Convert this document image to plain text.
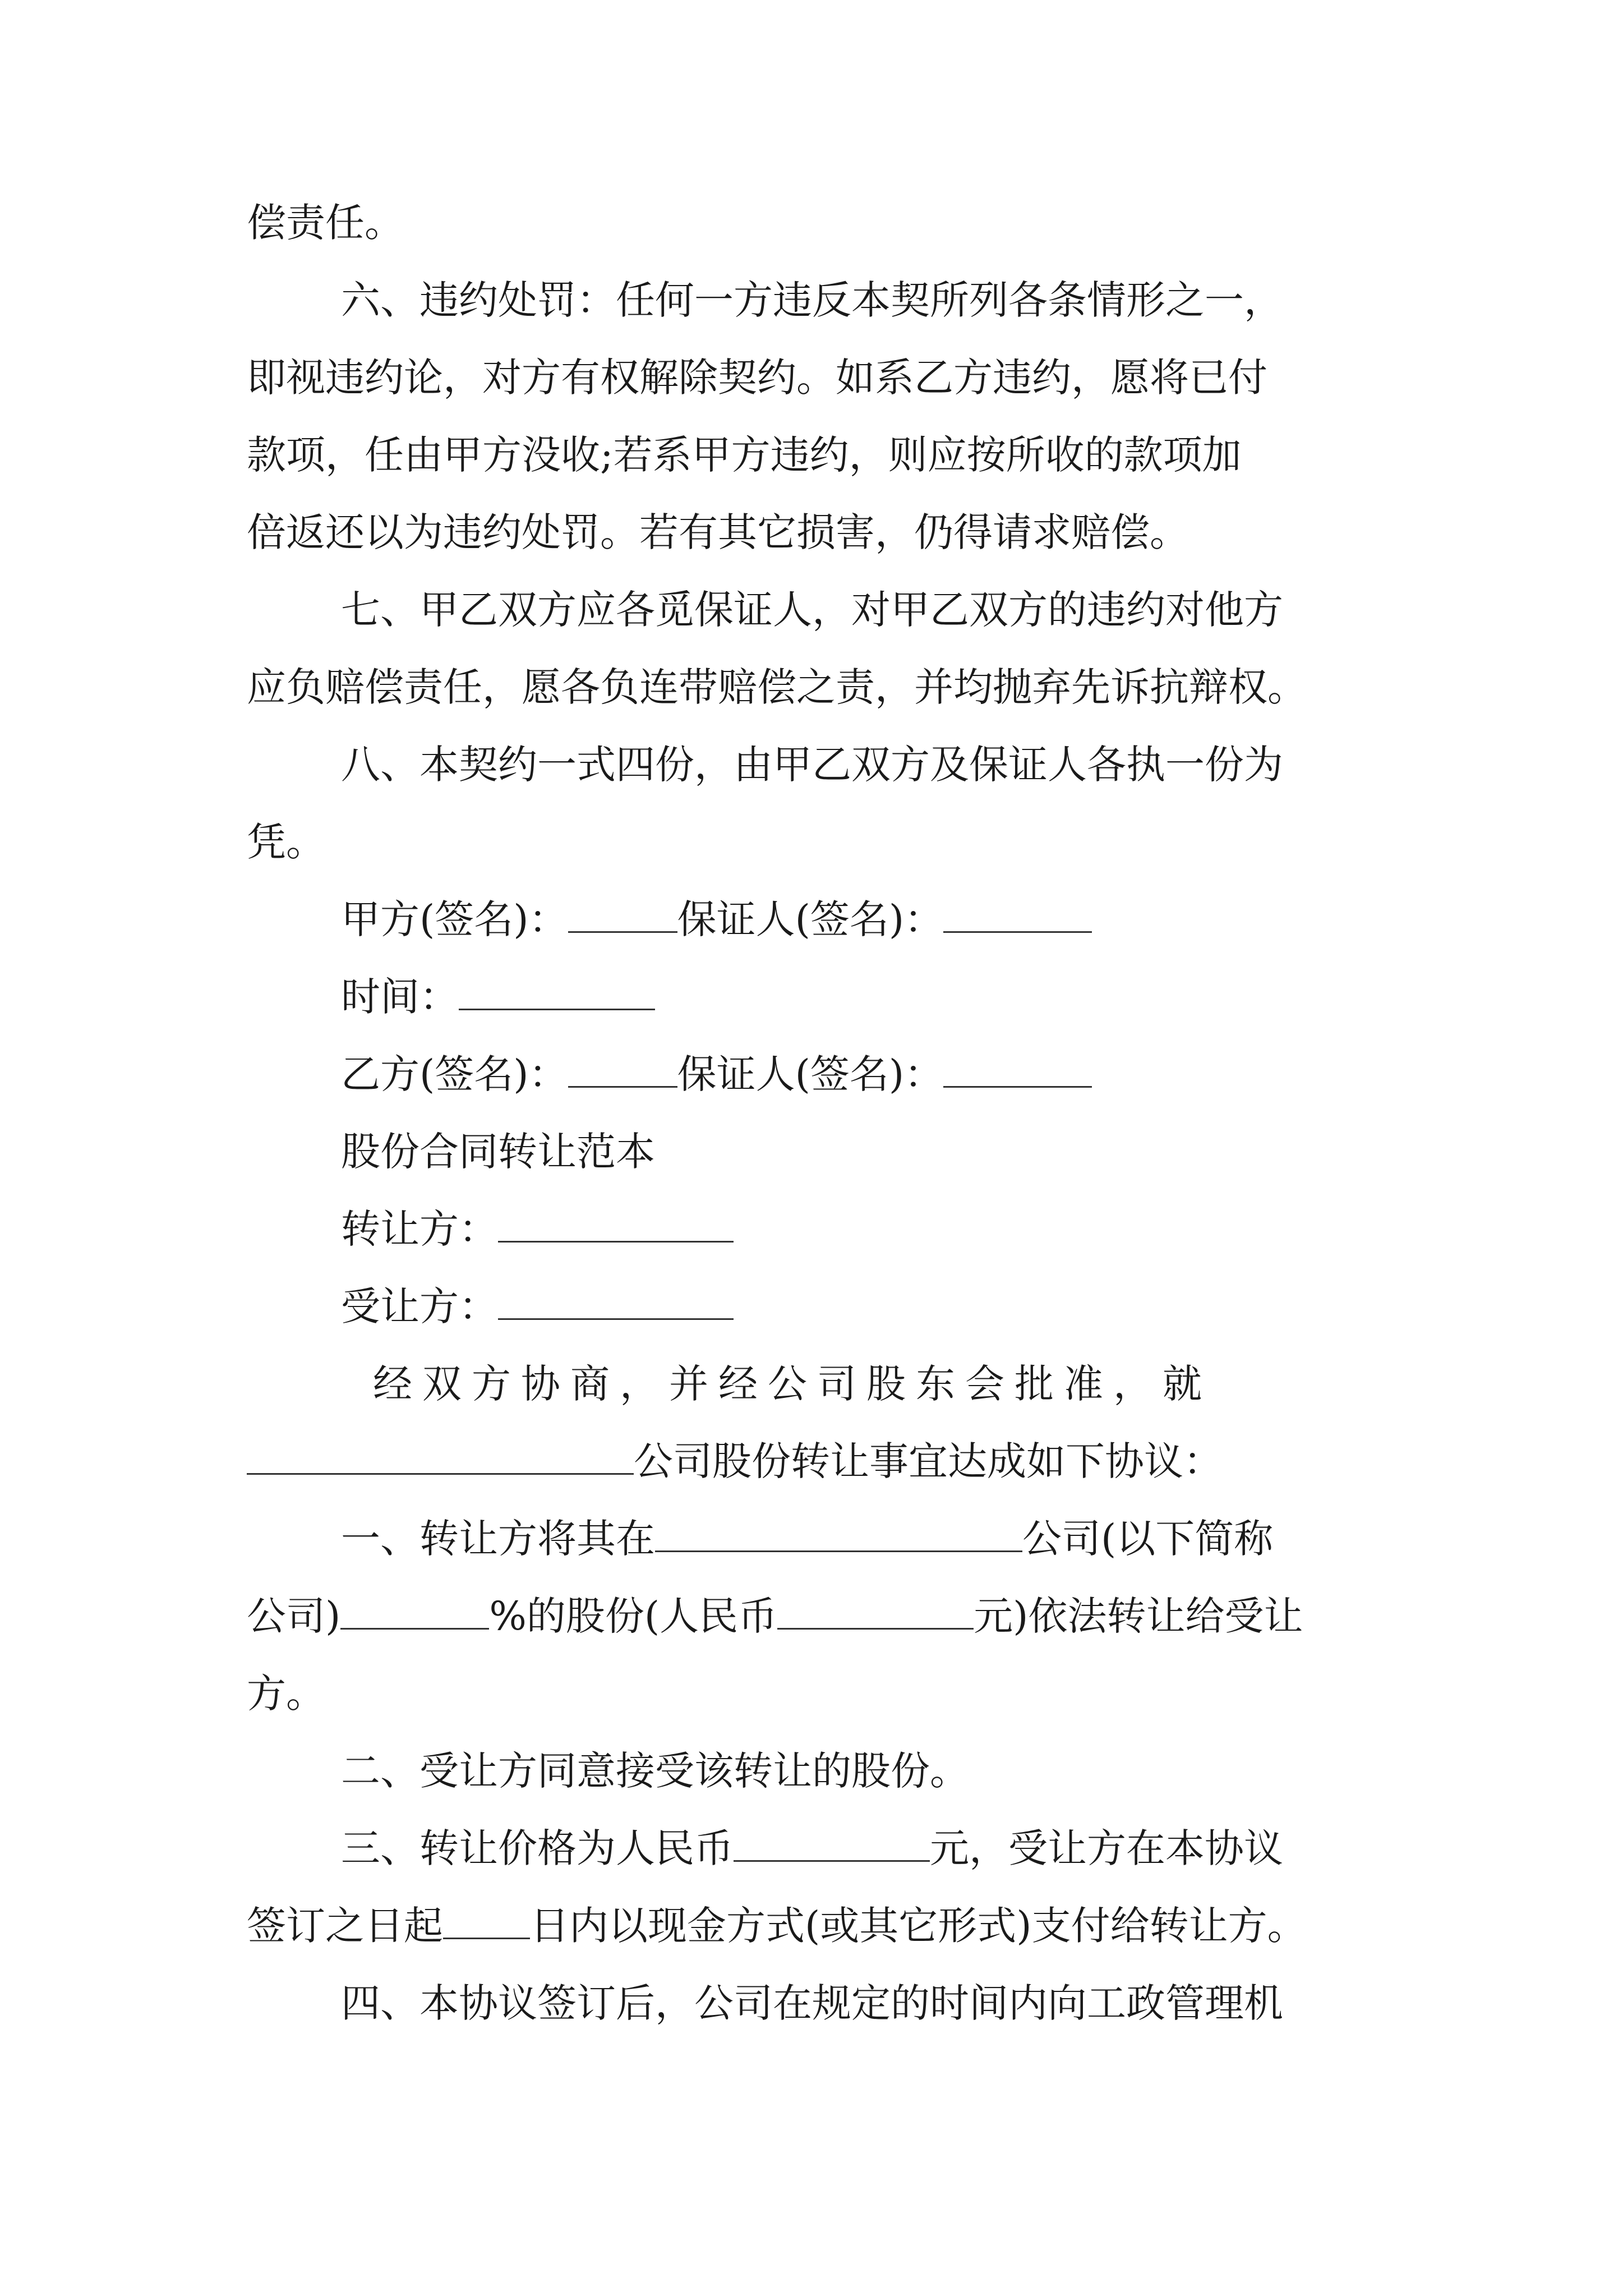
偿责任。
六、违约处罚：任何一方违反本契所列各条情形之一，
即视违约论，对方有权解除契约。如系乙方违约，愿将已付
款项，任由甲方没收;若系甲方违约，则应按所收的款项加
倍返还以为违约处罚。若有其它损害，仍得请求赔偿。
七、甲乙双方应各觅保证人，对甲乙双方的违约对他方
应负赔偿责任，愿各负连带赔偿之责，并均抛弃先诉抗辩权。
八、本契约一式四份，由甲乙双方及保证人各执一份为
凭。
甲方(签名)：	保证人(签名)：
时间：
乙方(签名)：	保证人(签名)：
股份合同转让范本
转让方：
受让方：
经双方协商，并经公司股东会批准，就
公司股份转让事宜达成如下协议：
一、转让方将其在	公司(以下简称
公司)	%的股份(人民币	元)依法转让给受让
方。
二、受让方同意接受该转让的股份。
三、转让价格为人民币	元，受让方在本协议
签订之日起 日内以现金方式(或其它形式)支付给转让方。
四、本协议签订后，公司在规定的时间内向工政管理机
